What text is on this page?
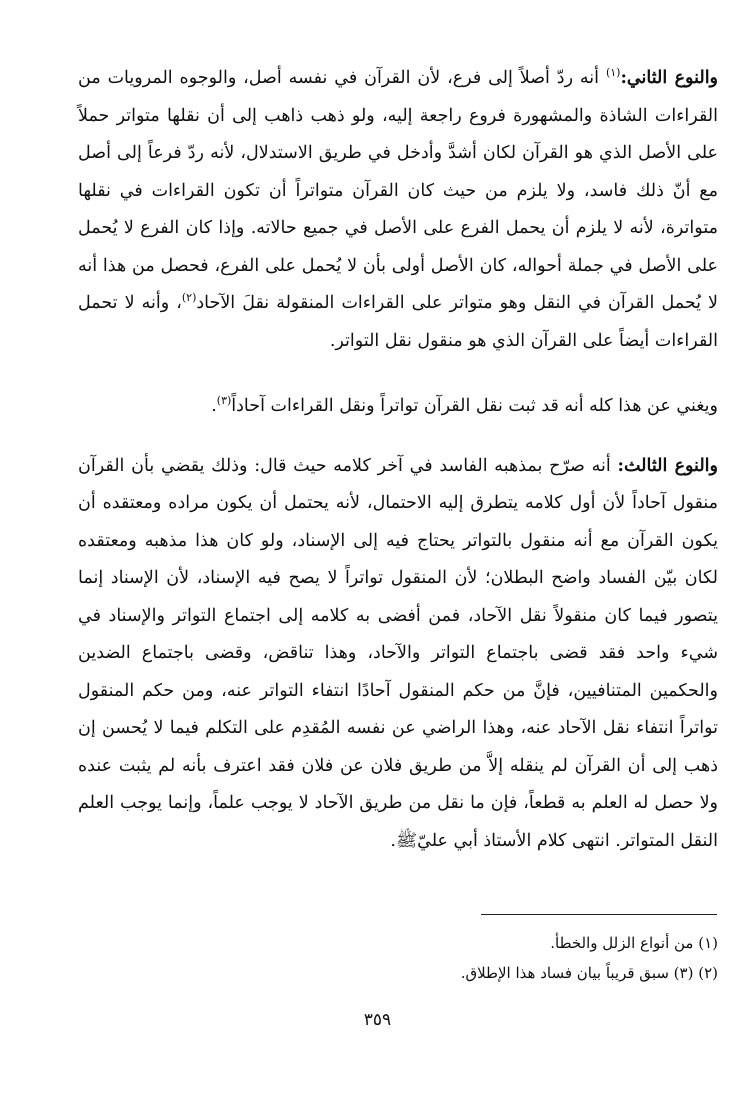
والنوع الثاني:$^{(١)}$ أنه ردّ أصلاً إلى فرع، لأن القرآن في نفسه أصل، والوجوه المرويات من القراءات الشاذة والمشهورة فروع راجعة إليه، ولو ذهب ذاهب إلى أن نقلها متواتر حملاً على الأصل الذي هو القرآن لكان أشدَّ وأدخل في طريق الاستدلال، لأنه ردّ فرعاً إلى أصل مع أنّ ذلك فاسد، ولا يلزم من حيث كان القرآن متواتراً أن تكون القراءات في نقلها متواترة، لأنه لا يلزم أن يحمل الفرع على الأصل في جميع حالاته. وإذا كان الفرع لا يُحمل على الأصل في جملة أحواله، كان الأصل أولى بأن لا يُحمل على الفرع، فحصل من هذا أنه لا يُحمل القرآن في النقل وهو متواتر على القراءات المنقولة نقلَ الآحاد$^{(٢)}$، وأنه لا تحمل القراءات أيضاً على القرآن الذي هو منقول نقل التواتر.

ويغني عن هذا كله أنه قد ثبت نقل القرآن تواتراً ونقل القراءات آحاداً$^{(٣)}$.

والنوع الثالث: أنه صرّح بمذهبه الفاسد في آخر كلامه حيث قال: وذلك يقضي بأن القرآن منقول آحاداً لأن أول كلامه يتطرق إليه الاحتمال، لأنه يحتمل أن يكون مراده ومعتقده أن يكون القرآن مع أنه منقول بالتواتر يحتاج فيه إلى الإسناد، ولو كان هذا مذهبه ومعتقده لكان بيّن الفساد واضح البطلان؛ لأن المنقول تواتراً لا يصح فيه الإسناد، لأن الإسناد إنما يتصور فيما كان منقولاً نقل الآحاد، فمن أفضى به كلامه إلى اجتماع التواتر والإسناد في شيء واحد فقد قضى باجتماع التواتر والآحاد، وهذا تناقض، وقضى باجتماع الضدين والحكمين المتنافيين، فإنَّ من حكم المنقول آحادًا انتفاء التواتر عنه، ومن حكم المنقول تواتراً انتفاء نقل الآحاد عنه، وهذا الراضي عن نفسه المُقدِم على التكلم فيما لا يُحسن إن ذهب إلى أن القرآن لم ينقله إلاَّ من طريق فلان عن فلان فقد اعترف بأنه لم يثبت عنده ولا حصل له العلم به قطعاً، فإن ما نقل من طريق الآحاد لا يوجب علماً، وإنما يوجب العلم النقل المتواتر. انتهى كلام الأستاذ أبي عليّﷺ.

(١) من أنواع الزلل والخطأ.

(٢) (٣) سبق قريباً بيان فساد هذا الإطلاق.

٣٥٩
